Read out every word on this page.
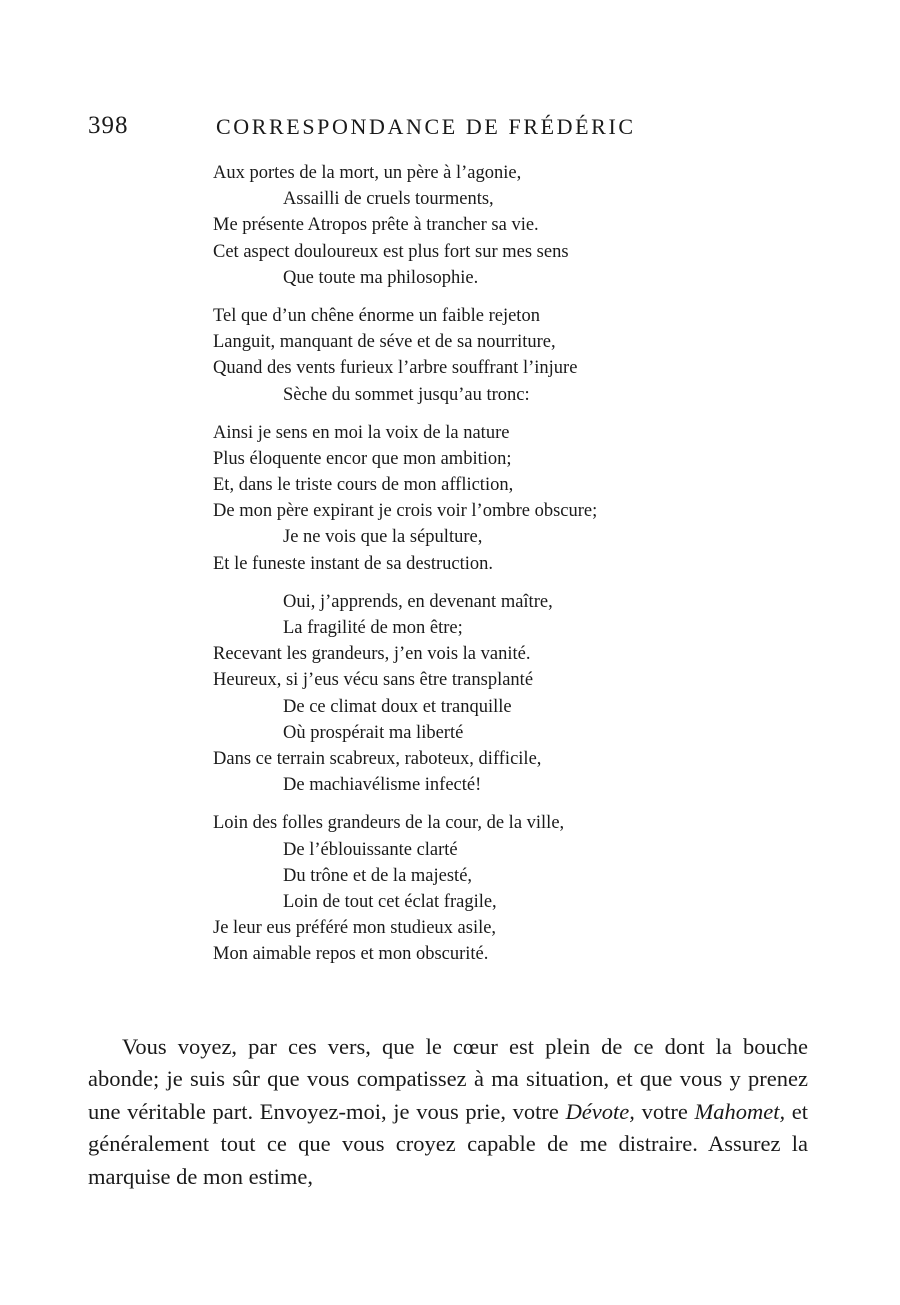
398	CORRESPONDANCE DE FRÉDÉRIC
Aux portes de la mort, un père à l’agonie,
Assailli de cruels tourments,
Me présente Atropos prête à trancher sa vie.
Cet aspect douloureux est plus fort sur mes sens
Que toute ma philosophie.
Tel que d’un chêne énorme un faible rejeton
Languit, manquant de séve et de sa nourriture,
Quand des vents furieux l’arbre souffrant l’injure
Sèche du sommet jusqu’au tronc:
Ainsi je sens en moi la voix de la nature
Plus éloquente encor que mon ambition;
Et, dans le triste cours de mon affliction,
De mon père expirant je crois voir l’ombre obscure;
Je ne vois que la sépulture,
Et le funeste instant de sa destruction.
Oui, j’apprends, en devenant maître,
La fragilité de mon être;
Recevant les grandeurs, j’en vois la vanité.
Heureux, si j’eus vécu sans être transplanté
De ce climat doux et tranquille
Où prospérait ma liberté
Dans ce terrain scabreux, raboteux, difficile,
De machiavélisme infecté!
Loin des folles grandeurs de la cour, de la ville,
De l’éblouissante clarté
Du trône et de la majesté,
Loin de tout cet éclat fragile,
Je leur eus préféré mon studieux asile,
Mon aimable repos et mon obscurité.

Vous voyez, par ces vers, que le cœur est plein de ce dont la bouche abonde; je suis sûr que vous compatissez à ma situation, et que vous y prenez une véritable part. Envoyez-moi, je vous prie, votre Dévote, votre Mahomet, et généralement tout ce que vous croyez capable de me distraire. Assurez la marquise de mon estime,
